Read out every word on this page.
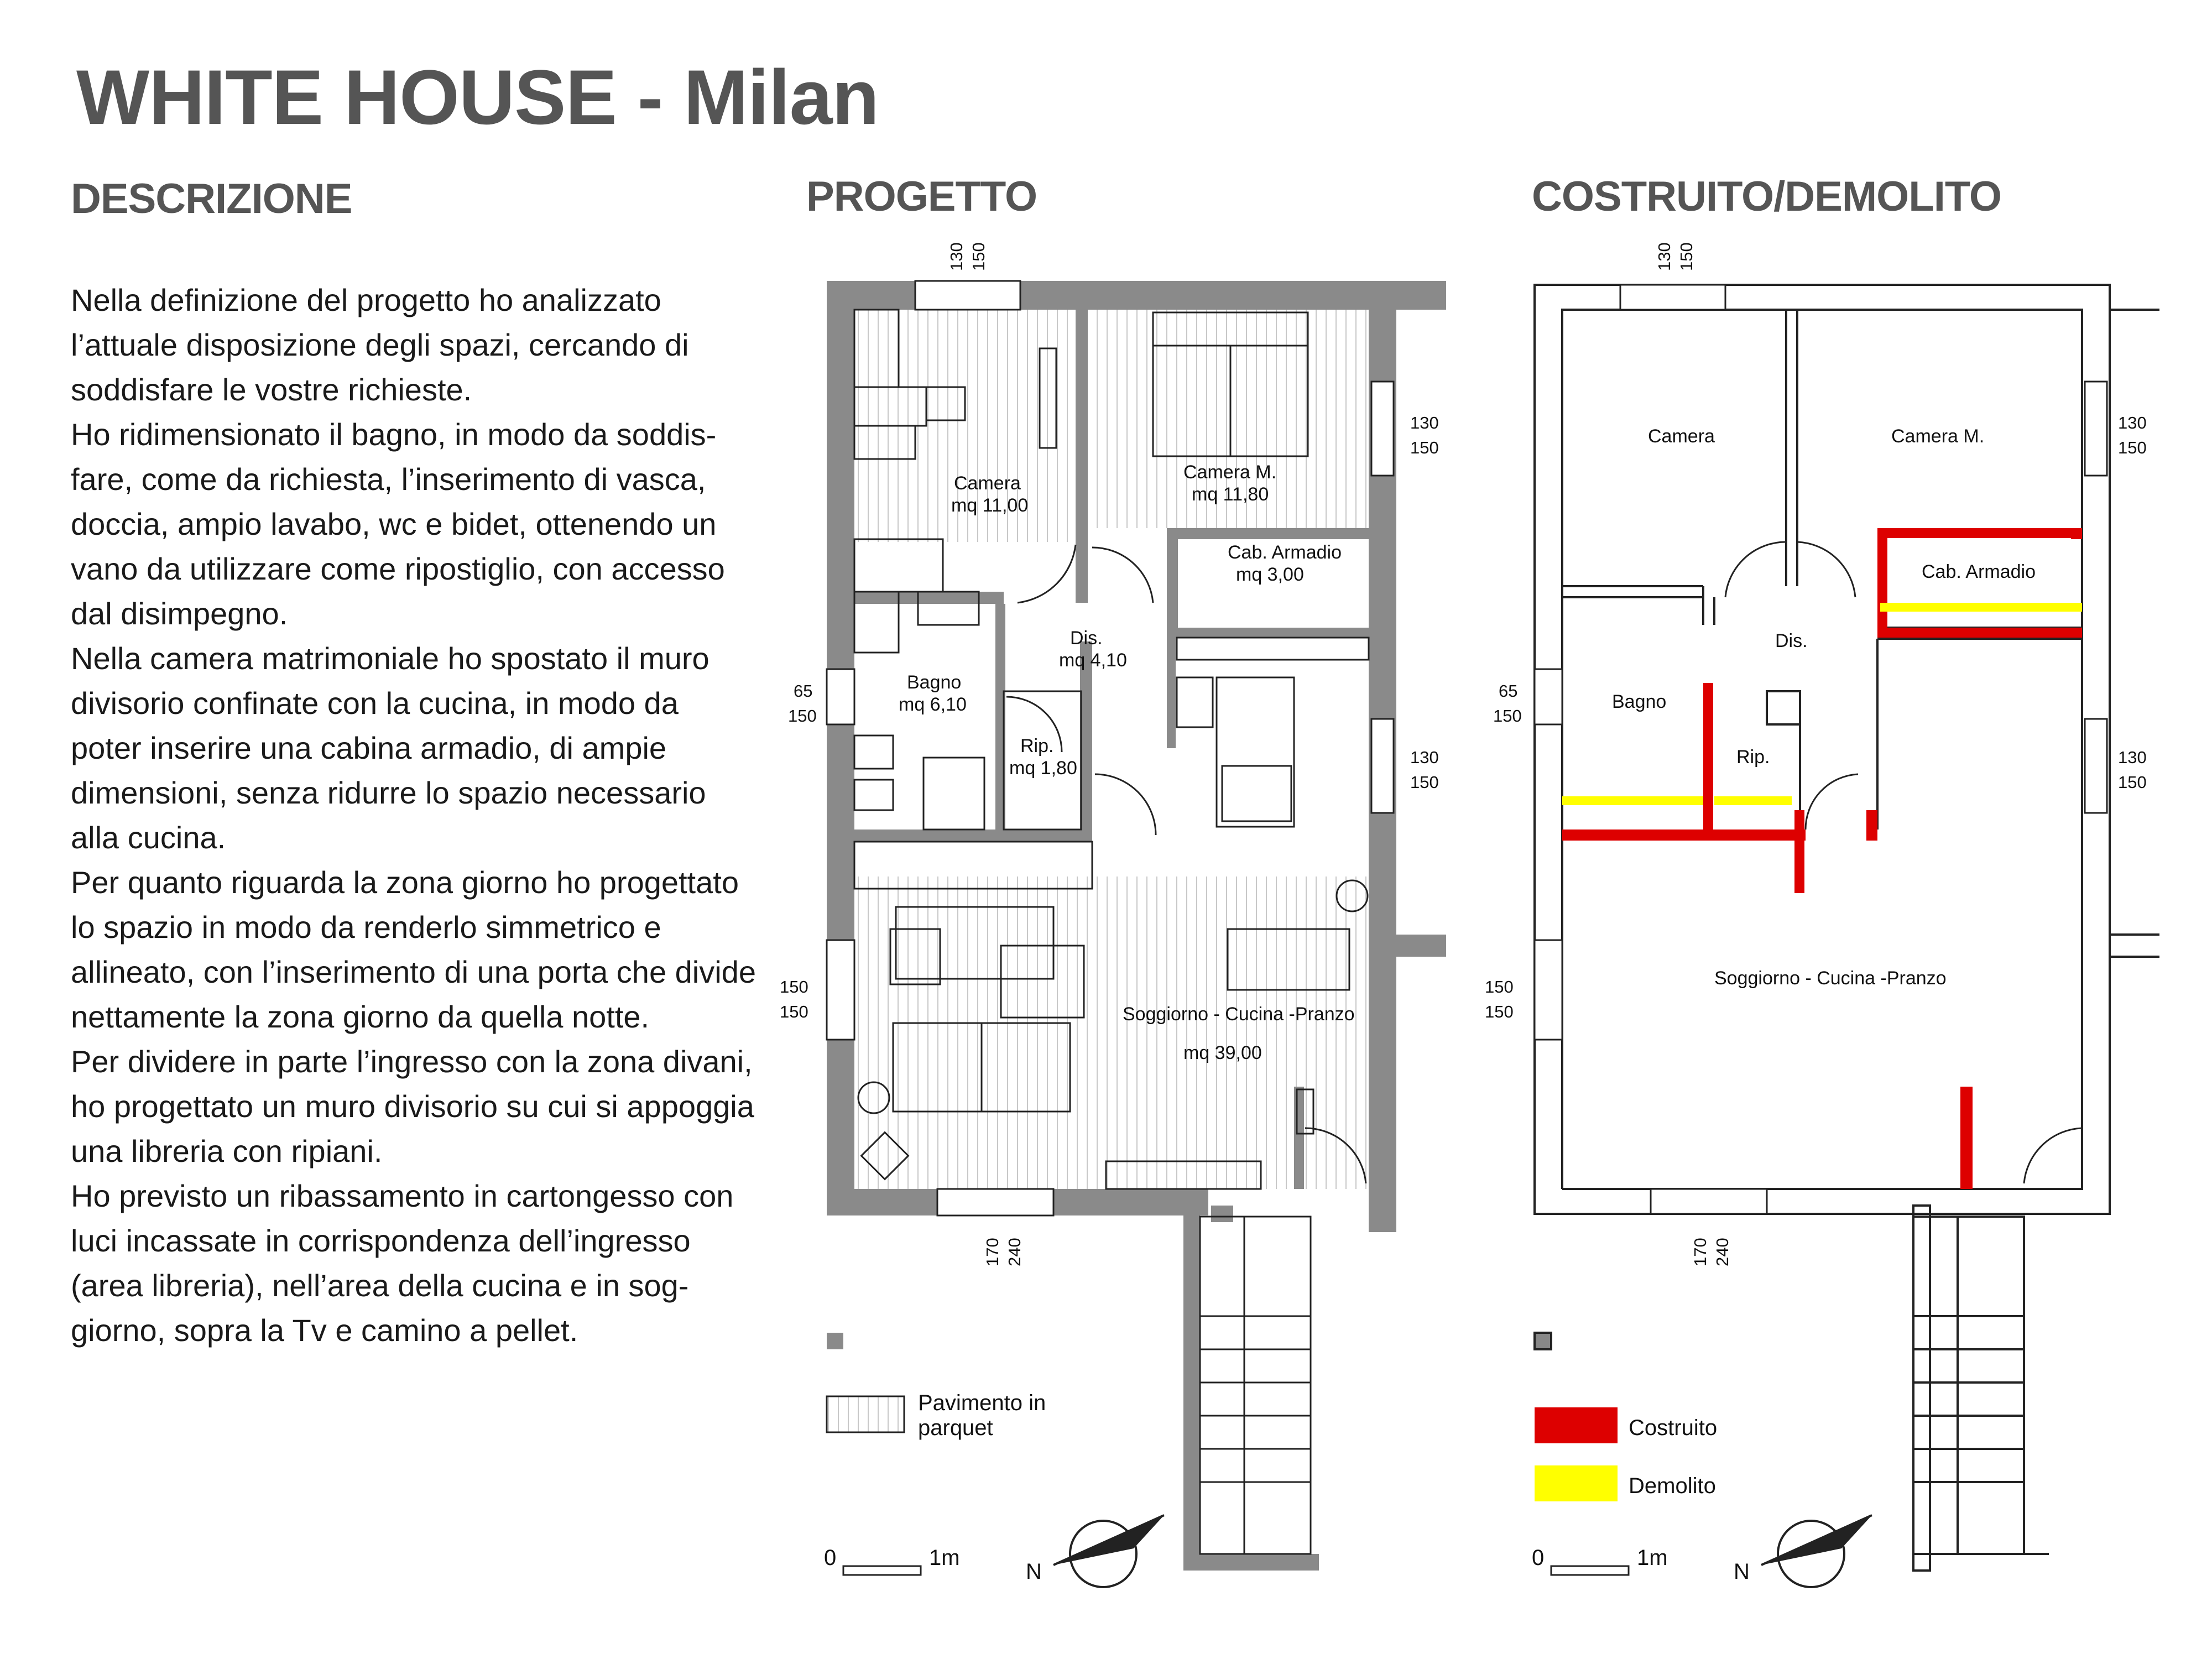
WHITE HOUSE - Milan
DESCRIZIONE	PROGETTO	COSTRUITO/DEMOLITO

Nella definizione del progetto ho analizzato l’attuale disposizione degli spazi, cercando di soddisfare le vostre richieste.

Ho ridimensionato il bagno, in modo da soddis-fare, come da richiesta, l’inserimento di vasca, doccia, ampio lavabo, wc e bidet, ottenendo un vano da utilizzare come ripostiglio, con accesso dal disimpegno.

Nella camera matrimoniale ho spostato il muro divisorio confinate con la cucina, in modo da poter inserire una cabina armadio, di ampie dimensioni, senza ridurre lo spazio necessario alla cucina.

Per quanto riguarda la zona giorno ho progettato lo spazio in modo da renderlo simmetrico e allineato, con l’inserimento di una porta che divide nettamente la zona giorno da quella notte.

Per dividere in parte l’ingresso con la zona divani, ho progettato un muro divisorio su cui si appoggia una libreria con ripiani.

Ho previsto un ribassamento in cartongesso con luci incassate in corrispondenza dell’ingresso (area libreria), nell’area della cucina e in sog-giorno, sopra la Tv e camino a pellet.

130 150
130
150
130
150
65
150
150
150
170 240
Camera
mq 11,00
Camera M.
mq 11,80
Cab. Armadio
mq 3,00
Dis.
mq 4,10
Bagno
mq 6,10
Rip.
mq 1,80
Soggiorno - Cucina -Pranzo
mq 39,00
Pavimento in
parquet
0	1m
N
130 150
130
150
130
150
65
150
150
150
170 240
Camera	Camera M.
Cab. Armadio
Dis.
Bagno
Rip.
Soggiorno - Cucina -Pranzo
Costruito
Demolito
0	1m
N
